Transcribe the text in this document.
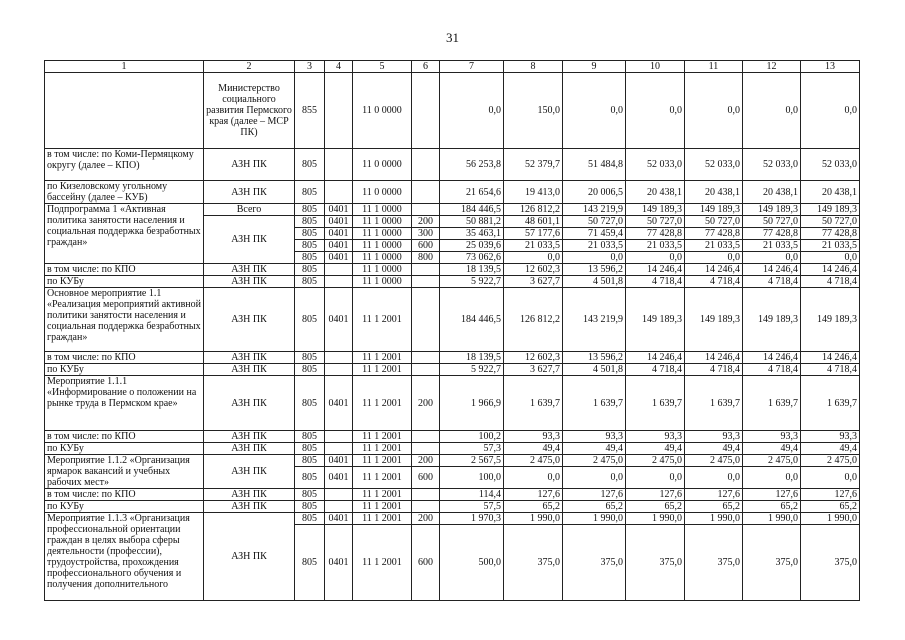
31
1	2	3	4	5	6	7	8	9	10	11	12	13
	Министерство социального развития Пермского края (далее – МСР ПК)	855		11 0 0000		0,0	150,0	0,0	0,0	0,0	0,0	0,0
в том числе: по Коми-Пермяцкому округу (далее – КПО)	АЗН ПК	805		11 0 0000		56 253,8	52 379,7	51 484,8	52 033,0	52 033,0	52 033,0	52 033,0
по Кизеловскому угольному бассейну (далее – КУБ)	АЗН ПК	805		11 0 0000		21 654,6	19 413,0	20 006,5	20 438,1	20 438,1	20 438,1	20 438,1
Подпрограмма 1 «Активная политика занятости населения и социальная поддержка безработных граждан»	Всего	805	0401	11 1 0000		184 446,5	126 812,2	143 219,9	149 189,3	149 189,3	149 189,3	149 189,3
	АЗН ПК	805	0401	11 1 0000	200	50 881,2	48 601,1	50 727,0	50 727,0	50 727,0	50 727,0	50 727,0
		805	0401	11 1 0000	300	35 463,1	57 177,6	71 459,4	77 428,8	77 428,8	77 428,8	77 428,8
		805	0401	11 1 0000	600	25 039,6	21 033,5	21 033,5	21 033,5	21 033,5	21 033,5	21 033,5
		805	0401	11 1 0000	800	73 062,6	0,0	0,0	0,0	0,0	0,0	0,0
в том числе: по КПО	АЗН ПК	805		11 1 0000		18 139,5	12 602,3	13 596,2	14 246,4	14 246,4	14 246,4	14 246,4
по КУБу	АЗН ПК	805		11 1 0000		5 922,7	3 627,7	4 501,8	4 718,4	4 718,4	4 718,4	4 718,4
Основное мероприятие 1.1 «Реализация мероприятий активной политики занятости населения и социальная поддержка безработных граждан»	АЗН ПК	805	0401	11 1 2001		184 446,5	126 812,2	143 219,9	149 189,3	149 189,3	149 189,3	149 189,3
в том числе: по КПО	АЗН ПК	805		11 1 2001		18 139,5	12 602,3	13 596,2	14 246,4	14 246,4	14 246,4	14 246,4
по КУБу	АЗН ПК	805		11 1 2001		5 922,7	3 627,7	4 501,8	4 718,4	4 718,4	4 718,4	4 718,4
Мероприятие 1.1.1 «Информирование о положении на рынке труда в Пермском крае»	АЗН ПК	805	0401	11 1 2001	200	1 966,9	1 639,7	1 639,7	1 639,7	1 639,7	1 639,7	1 639,7
в том числе: по КПО	АЗН ПК	805		11 1 2001		100,2	93,3	93,3	93,3	93,3	93,3	93,3
по КУБу	АЗН ПК	805		11 1 2001		57,3	49,4	49,4	49,4	49,4	49,4	49,4
Мероприятие 1.1.2 «Организация ярмарок вакансий и учебных рабочих мест»	АЗН ПК	805	0401	11 1 2001	200	2 567,5	2 475,0	2 475,0	2 475,0	2 475,0	2 475,0	2 475,0
		805	0401	11 1 2001	600	100,0	0,0	0,0	0,0	0,0	0,0	0,0
в том числе: по КПО	АЗН ПК	805		11 1 2001		114,4	127,6	127,6	127,6	127,6	127,6	127,6
по КУБу	АЗН ПК	805		11 1 2001		57,5	65,2	65,2	65,2	65,2	65,2	65,2
Мероприятие 1.1.3 «Организация профессиональной ориентации граждан в целях выбора сферы деятельности (профессии), трудоустройства, прохождения профессионального обучения и получения дополнительного	АЗН ПК	805	0401	11 1 2001	200	1 970,3	1 990,0	1 990,0	1 990,0	1 990,0	1 990,0	1 990,0
		805	0401	11 1 2001	600	500,0	375,0	375,0	375,0	375,0	375,0	375,0
